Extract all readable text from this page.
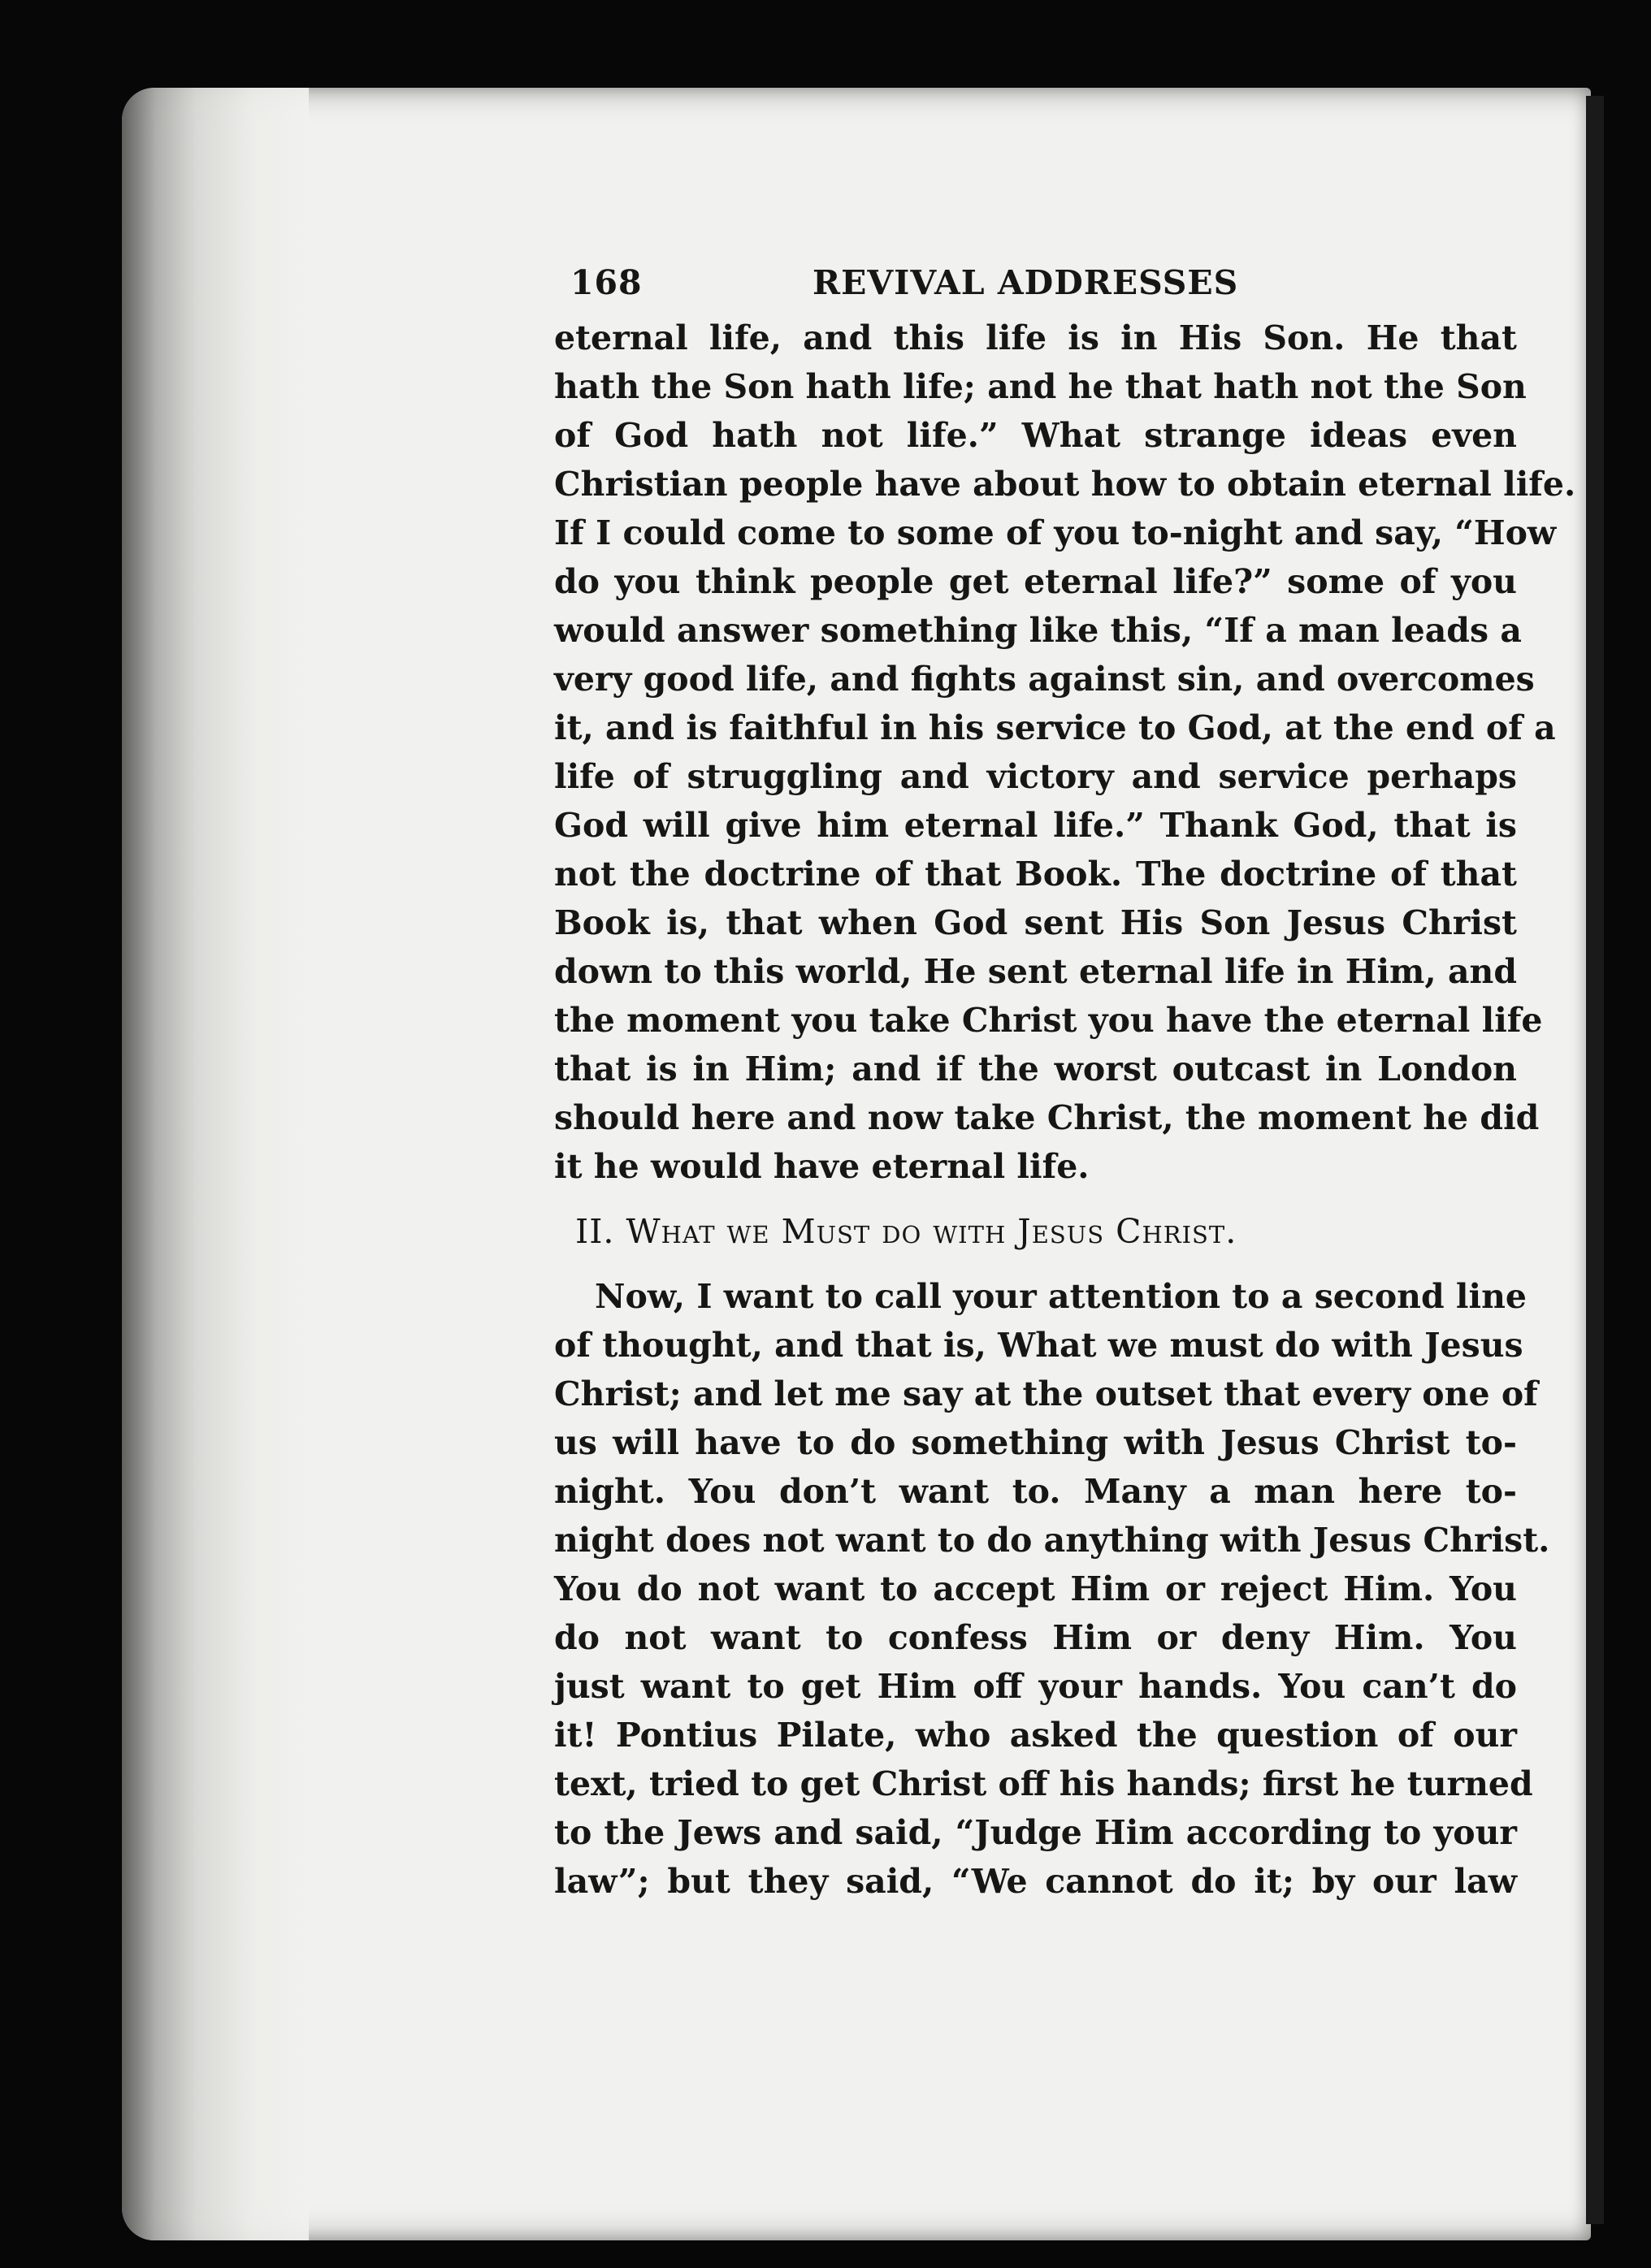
168	REVIVAL ADDRESSES
eternal life, and this life is in His Son. He that
hath the Son hath life; and he that hath not the Son
of God hath not life.” What strange ideas even
Christian people have about how to obtain eternal life.
If I could come to some of you to-night and say, “How
do you think people get eternal life?” some of you
would answer something like this, “If a man leads a
very good life, and fights against sin, and overcomes
it, and is faithful in his service to God, at the end of a
life of struggling and victory and service perhaps
God will give him eternal life.” Thank God, that is
not the doctrine of that Book. The doctrine of that
Book is, that when God sent His Son Jesus Christ
down to this world, He sent eternal life in Him, and
the moment you take Christ you have the eternal life
that is in Him; and if the worst outcast in London
should here and now take Christ, the moment he did
it he would have eternal life.
II. What we Must do with Jesus Christ.
Now, I want to call your attention to a second line
of thought, and that is, What we must do with Jesus
Christ; and let me say at the outset that every one of
us will have to do something with Jesus Christ to-
night. You don’t want to. Many a man here to-
night does not want to do anything with Jesus Christ.
You do not want to accept Him or reject Him. You
do not want to confess Him or deny Him. You
just want to get Him off your hands. You can’t do
it! Pontius Pilate, who asked the question of our
text, tried to get Christ off his hands; first he turned
to the Jews and said, “Judge Him according to your
law”; but they said, “We cannot do it; by our law
